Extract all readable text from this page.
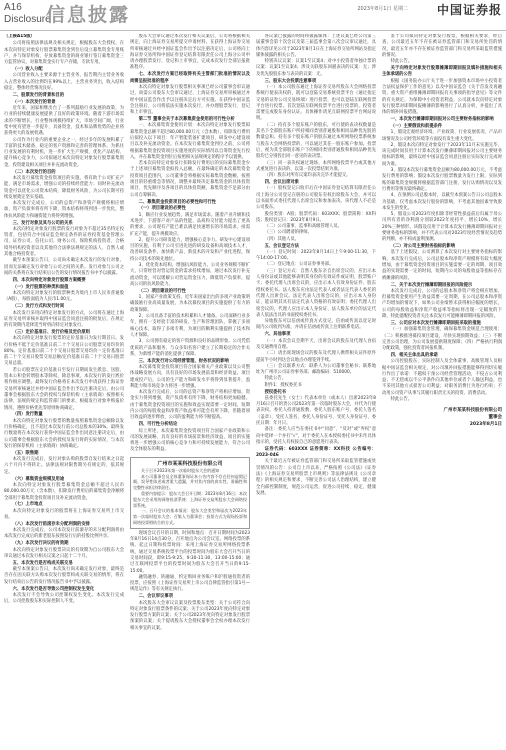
A16
Disclosure
信息披露	2023年8月1日 星期二 中国证券报

（上接A15版）

公司将按照法律法规及相关规定，根据股东大会授权，在本次向特定对象发行股票募集资金到位后设立募集资金专用账户，并与保荐机构、存放募集资金的商业银行签订募集资金三方监管协议，对募集资金实行专户存储，专款专用。

（一）收入分配

公司营业收入主要来源于主营业务，报告期内主营业务收入占营业收入的比例均在99%以上，主营业务突出，收入结构稳定，整体经营情况良好。

二、股票发行的背景和目的

（一）本次发行的背景

近年来，国家相继出台了一系列鼓励行业发展的政策，为行业的持续健康发展提供了良好的政策环境。随着下游市场需求的不断增长，行业整体规模持续扩大，市场空间广阔，行业集中度有望进一步提升，具备资金、技术和品牌优势的企业将获得更大的发展机遇。

公司作为行业内的重要企业之一，经过多年的发展积累了丰富的技术储备、稳定的客户资源和完善的管理体系。为抓住行业发展的有利时机，进一步扩大生产规模、优化产品结构、提升核心竞争力，公司拟通过本次向特定对象发行股票募集资金，投资建设相关项目并补充流动资金。

（二）本次发行的目的

本次发行募集资金投资项目的实施，将有助于公司扩充产能，满足市场需求，增强公司的持续经营能力；同时补充流动资金可以优化公司资本结构，降低财务风险，为公司长期可持续发展奠定坚实基础。

本次发行完成后，公司的总资产和净资产规模将相应增加，资产负债率将有所下降，资本结构将得到进一步优化，整体抗风险能力和融资能力将得到增强。

三、发行对象及其与公司的关系

本次向特定对象发行股票的发行对象为不超过35名特定投资者，包括符合中国证监会规定条件的证券投资基金管理公司、证券公司、信托公司、财务公司、保险机构投资者、合格境外机构投资者以及其他符合法律法规规定的法人、自然人或其他合格投资者。

截至本预案公告日，公司尚未确定本次发行的发行对象，因而无法确定发行对象与公司之间的关系。发行对象与公司之间的关系将在发行结束后公告的发行情况报告书中予以披露。

四、本次向特定对象发行股票方案概要

（一）发行股票的种类和面值

本次向特定对象发行的股票种类为境内上市人民币普通股（A股），每股面值为人民币1.00元。

（二）发行方式和发行时间

本次发行采用向特定对象发行的方式，公司将在通过上海证券交易所审核并取得中国证监会同意注册的批复后，在规定的有效期内选择适当时机向特定对象发行。

（三）定价基准日、发行价格及定价原则

本次向特定对象发行股票的定价基准日为发行期首日。发行价格不低于定价基准日前二十个交易日公司股票交易均价的80%。定价基准日前二十个交易日股票交易均价＝定价基准日前二十个交易日股票交易总额/定价基准日前二十个交易日股票交易总量。

若公司股票在定价基准日至发行日期间发生派息、送股、资本公积金转增股本等除权、除息事项，本次发行的发行底价将作相应调整。最终发行价格将在本次发行申请获得上海证券交易所审核通过并经中国证监会作出予以注册决定后，由公司董事会根据股东大会的授权与保荐机构（主承销商）按照相关法律、法规的规定和监管部门的要求，根据发行对象申购报价情况，遵照价格优先等原则协商确定。

（四）发行数量

本次向特定对象发行股票的数量按照募集资金总额除以发行价格确定，且不超过本次发行前公司总股本的30%。最终发行数量将在本次发行获得中国证监会作出同意注册决定后，由公司董事会根据股东大会的授权及发行时的实际情况，与本次发行的保荐机构（主承销商）协商确定。

（五）限售期

本次发行完成后，发行对象认购的股票自发行结束之日起六个月内不得转让。法律法规对限售期另有规定的，依其规定。

（六）募集资金规模及用途

本次向特定对象发行股票募集资金总额不超过人民币80,000.00万元（含本数），扣除发行费用后的募集资金净额将全部用于募集资金投资项目及补充流动资金。

（七）上市地点

本次向特定对象发行的股票将在上海证券交易所上市交易。

（八）本次发行前滚存未分配利润的安排

本次发行完成后，公司本次发行前滚存的未分配利润将由本次发行完成后的新老股东按照发行后的持股比例共享。

（九）本次发行决议的有效期

本次向特定对象发行股票决议的有效期为自公司股东大会审议通过本次发行相关议案之日起十二个月。

五、本次发行是否构成关联交易

截至本预案公告日，本次发行尚未确定发行对象，最终是否存在因关联方认购本次发行股票构成关联交易的情形，将在发行结束后公告的发行情况报告书中予以披露。

六、本次发行是否导致公司控制权发生变化

本次发行不会导致公司控制权发生变化。本次发行完成后，公司控股股东和实际控制人不变。

股东大会审议通过本次发行相关议案后，公司将根据相关规定，向上海证券交易所提交申请材料，在获得上海证券交易所审核通过并经中国证监会作出予以注册决定后，公司将向上海证券交易所和中国证券登记结算有限责任公司上海分公司申请办理股票发行、登记和上市事宜，完成本次发行全部呈报批准程序。

七、本次发行方案已经取得有关主管部门批准的情况以及尚需呈报批准的程序

本次向特定对象发行股票相关事项已经公司董事会审议通过，尚需公司股东大会审议通过、上海证券交易所审核通过并经中国证监会作出予以注册决定后方可实施。在获得中国证监会注册后，公司将依法实施本次发行，并办理股票发行、登记和上市事宜。

第二节 董事会关于本次募集资金使用的可行性分析

一、本次募集资金使用计划：本次向特定对象发行股票拟募集资金总额不超过80,000.00万元（含本数），扣除发行费用后拟投入以下项目：年产智能装备扩建项目、研发中心建设项目以及补充流动资金。在本次发行募集资金到位之前，公司将根据募集资金投资项目实施进度的实际情况以自筹资金先行投入，并在募集资金到位后按照相关法规规定的程序予以置换。

若本次向特定对象发行扣除发行费用后的实际募集资金少于上述项目募集资金拟投入总额，在最终确定的本次募集资金投资项目范围内，公司董事会将根据实际募集资金数额，按照项目的轻重缓急等情况，调整并最终决定募集资金的具体投资项目、优先顺序及各项目的具体投资额，募集资金不足部分由公司自筹解决。

二、募集资金投资项目的必要性和可行性

（一）项目建设的必要性

1、顺应行业发展趋势，满足市场需求。随着产业升级和技术进步，下游客户对产品的性能、品质和交付能力提出了更高的要求，公司现有产能已难以满足快速增长的市场需求，亟需扩充产能，提升规模效应。

2、提升公司研发能力，增强核心竞争力。研发中心建设项目的实施，有利于公司引进先进的研发设备和高端技术人才，改善研发条件，加快新产品、新技术的开发和产业化进程，保持公司技术的领先地位。

3、优化资本结构，增强抗风险能力。公司业务规模不断扩大，日常经营对营运资金的需求持续增加，通过本次发行补充流动资金，可以缓解公司营运资金压力，降低资产负债率，提高公司的抗风险能力。

（二）项目建设的可行性

1、国家产业政策支持。近年来国家出台的多项产业政策明确鼓励行业高质量发展，为本次募投项目的实施提供了有力的政策保障。

2、公司具备丰富的技术积累和人才储备。公司深耕行业多年，拥有一支经验丰富的研发、生产和管理团队，掌握了多项核心技术，取得了多项专利，为项目的顺利实施提供了技术和人才保障。

3、公司拥有稳定的客户资源和良好的品牌形象。公司凭借优质的产品和服务，与众多知名客户建立了长期稳定的合作关系，为新增产能的消化提供了保障。

三、本次发行对公司经营管理、财务状况的影响

本次募集资金投资项目符合国家相关产业政策以及公司整体战略发展方向，具有良好的市场发展前景和经济效益。项目建成投产后，公司的生产能力和研发水平将得到显著提升，盈利能力和市场竞争力将进一步增强。

本次发行完成后，公司的总资产和净资产将相应增加，资金实力得到增强，资产负债率有所下降，财务结构更加稳健。由于募集资金投资项目的实施和效益实现需要一定时间，短期内公司的每股收益和净资产收益率可能会有所下降，但随着项目效益的逐步释放，公司的盈利能力将不断提高。

四、可行性分析结论

综上所述，本次募集资金投资项目符合国家产业政策和公司的发展战略，具有良好的市场前景和经济效益，项目的实施将进一步增强公司的核心竞争力和可持续发展能力，符合公司及全体股东的利益。

广州市某某科技股份有限公司

关于召开2023年第一次临时股东大会的通知

本公司董事会及全体董事保证本公告内容不存在任何虚假记载、误导性陈述或者重大遗漏，并对其内容的真实性、准确性和完整性承担法律责任。

重要内容提示：股东大会召开日期：2023年8月16日；本次股东大会采用的网络投票系统：上海证券交易所股东大会网络投票系统。

一、召开会议的基本情况：股东大会类型和届次为2023年第一次临时股东大会；召集人为董事会；投票方式为现场投票和网络投票相结合的方式。

现场会议召开的日期、时间和地点：召开日期时间为2023年8月16日14点30分，召开地点为公司会议室。网络投票的系统、起止日期和投票时间：采用上海证券交易所网络投票系统，通过交易系统投票平台的投票时间为股东大会召开当日的交易时间段，即9:15-9:25，9:30-11:30，13:00-15:00；通过互联网投票平台的投票时间为股东大会召开当日的9:15-15:00。

融资融券、转融通、约定购回业务账户和沪股通投资者的投票，应按照《上海证券交易所上市公司自律监管指引第1号—规范运作》等有关规定执行。

二、会议审议事项

本次股东大会审议议案及投票股东类型：关于公司符合向特定对象发行股票条件的议案；关于公司2023年度向特定对象发行股票方案的议案；关于公司2023年度向特定对象发行股票预案的议案；关于提请股东大会授权董事会全权办理本次发行相关事宜的议案。

各议案已披露的时间和披露媒体：上述议案已经公司第三届董事会第十次会议及第三届监事会第八次会议审议通过，具体内容详见公司于2023年8月1日在上海证券交易所网站及指定媒体披露的相关公告。

特别决议议案：议案1至议案4；对中小投资者单独计票的议案：议案1至议案4；涉及关联股东回避表决的议案：无；涉及优先股股东参与表决的议案：无。

三、股东大会投票注意事项

（一）本公司股东通过上海证券交易所股东大会网络投票系统行使表决权的，既可以登陆交易系统投票平台（通过指定交易的证券公司交易终端）进行投票，也可以登陆互联网投票平台进行投票。首次登陆互联网投票平台进行投票的，投资者需要完成股东身份认证。具体操作请见互联网投票平台网站说明。

（二）持有多个股东账户的股东，可行使的表决权数量是其名下全部股东账户所持相同类别普通股和相同品种优先股的数量总和。持有多个股东账户的股东通过本所网络投票系统参与股东大会网络投票的，可以通过其任一股东账户参加。投票后，视为其全部股东账户下的相同类别普通股和相同品种优先股均已分别投出同一意见的表决票。

（三）同一表决权通过现场、本所网络投票平台或其他方式重复进行表决的，以第一次投票结果为准。

（四）股东对所有议案均表决完毕才能提交。

四、会议出席对象

（一）股权登记日收市后在中国证券登记结算有限责任公司上海分公司登记在册的公司股东有权出席股东大会，并可以以书面形式委托代理人出席会议和参加表决。该代理人不必是公司股东。

股份类别：A股；股票代码：603XXX；股票简称：XX科技；股权登记日：2023年8月9日。

（二）公司董事、监事和高级管理人员。

（三）公司聘请的律师。

（四）其他人员。

五、会议登记方法

（一）登记时间：2023年8月14日上午9:00-11:30，下午14:00-17:00。

（二）登记地点：公司证券事务部。

（三）登记方式：自然人股东亲自出席会议的，应出示本人身份证或其他能够表明其身份的有效证件或证明、股票账户卡；委托代理人出席会议的，应出示本人有效身份证件、股东授权委托书。法人股东应由法定代表人或者法定代表人委托的代理人出席会议。法定代表人出席会议的，应出示本人身份证、能证明其具有法定代表人资格的有效证明；委托代理人出席会议的，代理人应出示本人身份证、法人股东单位的法定代表人依法出具的书面授权委托书。

异地股东可以信函或传真方式登记，信函或传真以登记时间内公司收到为准，并请在信函或传真上注明联系电话。

六、其他事项

（一）本次会议会期半天，出席会议的股东及代理人食宿及交通费用自理。

（二）请出席现场会议的股东及代理人携带相关证件原件提前半小时到达会议地点办理签到手续。

（三）会议联系方式：联系人为公司董事会秘书；联系地址为广州市公司证券事务部；邮政编码：510000。

特此公告。

附件1：授权委托书

授权委托书

兹委托先生（女士）代表本单位（或本人）出席2023年8月16日召开的贵公司2023年第一次临时股东大会，并代为行使表决权。委托人持普通股数、委托人股东账户号、委托人签名（盖章）、受托人签名、委托人身份证号、受托人身份证号、委托日期：年月日。

备注：委托人应当在委托书中“同意”、“反对”或“弃权”意向中选择一个并打“√”，对于委托人在本授权委托书中未作具体指示的，受托人有权按自己的意愿进行表决。

证券代码：603XXX 证券简称：XX科技 公告编号：2023-046

关于最近五年被证券监管部门和交易所采取监管措施或处罚情况的公告：公司自上市以来，严格按照《公司法》《证券法》《上海证券交易所股票上市规则》等法律法规及《公司章程》的相关规定和要求，不断完善公司法人治理结构，建立健全内部控制制度，规范公司运营，促进公司持续、稳定、健康发展。

鉴于公司拟向特定对象发行股票，根据相关要求，经自查，公司最近五年不存在被证券监管部门和交易所处罚的情况，最近五年亦不存在被证券监管部门和交易所采取监管措施的情况。

特此公告。

关于向特定对象发行股票摊薄即期回报及填补措施和相关主体承诺的公告

根据《国务院办公厅关于进一步加强资本市场中小投资者合法权益保护工作的意见》以及中国证监会《关于首发及再融资、重大资产重组摊薄即期回报有关事项的指导意见》等文件的有关规定，为保障中小投资者利益，公司就本次向特定对象发行股票对即期回报摊薄的影响进行了认真分析，并提出了具体的填补回报措施。

一、本次发行摊薄即期回报对公司主要财务指标的影响

（一）主要假设和前提条件

1、假设宏观经济环境、产业政策、行业发展状况、产品市场情况及公司经营环境等方面没有发生重大变化。

2、假设本次向特定对象发行于2023年11月末实施完毕，该完成时间仅用于计算本次发行摊薄即期回报对公司主要财务指标的影响，最终以经中国证监会同意注册后实际发行完成时间为准。

3、假设本次发行募集资金总额为80,000.00万元，不考虑发行费用的影响；假设本次发行股票数量为发行上限，实际到账的募集资金规模将根据监管部门注册、发行认购情况以及发行费用等情况最终确定。

4、在预测公司总股本时，以截至本预案公告日公司总股本为基础，仅考虑本次发行股份的影响，不考虑其他因素导致股本发生的变化。

5、假设公司2023年度扣除非经常性损益前后归属于母公司所有者的净利润分别较2022年度持平、增长10%、增长20%三种情形。该假设仅用于计算本次发行摊薄即期回报对主要财务指标的影响，并不代表公司对2023年度经营情况及趋势的判断，亦不构成盈利预测。

（二）对公司主要财务指标的影响

基于上述假设，公司测算了本次发行对主要财务指标的影响。本次发行完成后，公司总股本和净资产规模将有较大幅度增加，由于募集资金投资项目的实施需要一定的周期，项目效益的实现需要一定的时间，短期内公司的每股收益等指标存在被摊薄的风险。

二、关于本次发行摊薄即期回报的风险提示

本次发行完成后，公司的总股本和净资产将会相应增加。但募集资金使用产生效益需要一定周期，在公司总股本和净资产均增加的情况下，如果公司业绩暂未获得相应幅度的增长，公司的每股收益和净资产收益率等指标将出现一定幅度的下降。特此提醒投资者关注本次发行可能摊薄即期回报的风险。

三、公司应对本次发行摊薄即期回报采取的措施

（一）加强募集资金管理，确保募集资金规范合理使用；（二）积极推进募投项目建设，尽快实现预期效益；（三）不断完善公司治理，为公司发展提供制度保障；（四）严格执行利润分配政策，强化投资者回报机制。

四、相关主体出具的承诺

公司控股股东、实际控制人及全体董事、高级管理人员根据中国证监会相关规定，对公司填补回报措施能够得到切实履行作出了承诺：不越权干预公司经营管理活动，不侵占公司利益；不无偿或以不公平条件向其他单位或者个人输送利益，也不采用其他方式损害公司利益；对职务消费行为进行约束；不动用公司资产从事与其履行职责无关的投资、消费活动。

特此公告。

广州市某某科技股份有限公司
董事会
2023年8月1日
